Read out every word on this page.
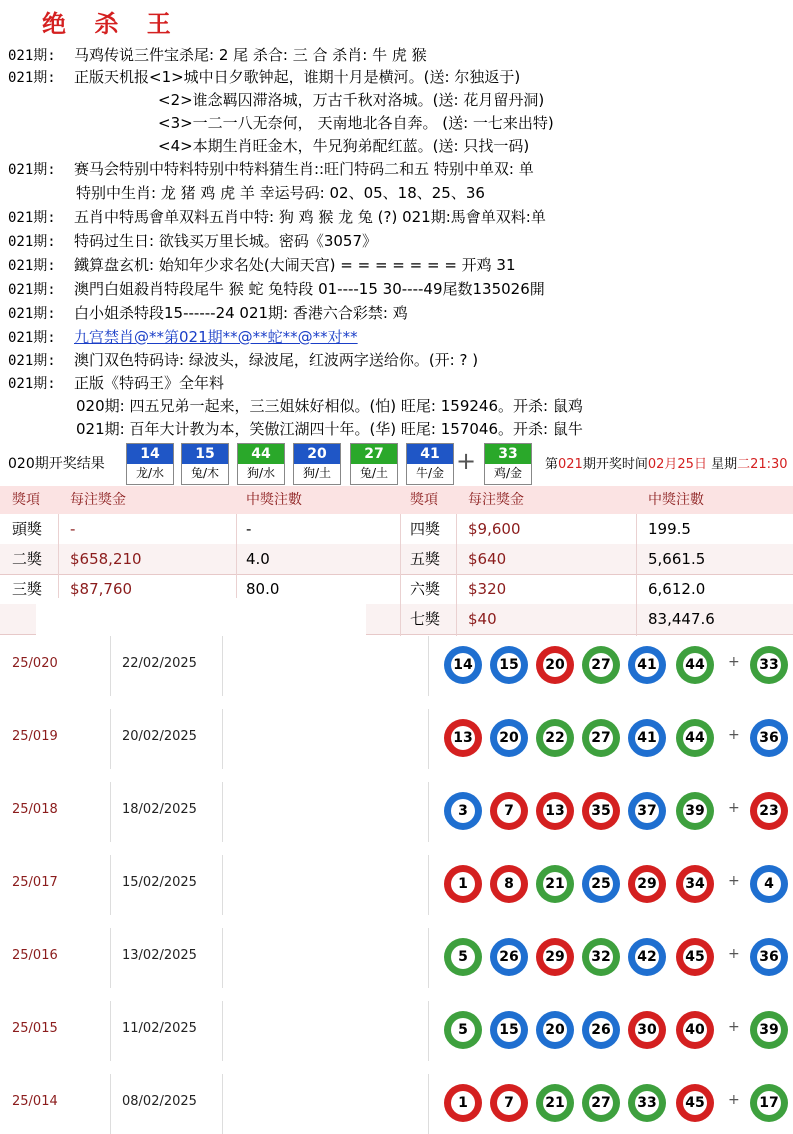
绝 杀 王
021期: 马鸡传说三件宝杀尾: 2 尾 杀合: 三 合 杀肖: 牛 虎 猴
021期: 正版天机报<1>城中日夕歌钟起，谁期十月是横河。(送: 尔独返于)
<2>谁念羁囚滞洛城，万古千秋对洛城。(送: 花月留丹洞)
<3>一二一八无奈何， 天南地北各自奔。 (送: 一七来出特)
<4>本期生肖旺金木，牛兄狗弟配红蓝。(送: 只找一码)
021期: 赛马会特别中特料特别中特料猜生肖::旺门特码二和五 特别中单双: 单
特别中生肖: 龙 猪 鸡 虎 羊 幸运号码: 02、05、18、25、36
021期: 五肖中特馬會单双料五肖中特: 狗 鸡 猴 龙 兔 (?) 021期:馬會单双料:单
021期: 特码过生日: 欲钱买万里长城。密码《3057》
021期: 鐵算盘玄机: 始知年少求名处(大闹天宫) = = = = = = = 开鸡 31
021期: 澳門白姐殺肖特段尾牛 猴 蛇 兔特段 01----15 30----49尾数135026開
021期: 白小姐杀特段15------24 021期: 香港六合彩禁: 鸡
021期: 九宫禁肖@**第021期**@**蛇**@**对**
021期: 澳门双色特码诗: 绿波头，绿波尾，红波两字送给你。(开: ? )
021期: 正版《特码王》全年料
020期: 四五兄弟一起来，三三姐妹好相似。(怕) 旺尾: 159246。开杀: 鼠鸡
021期: 百年大计教为本，笑傲江湖四十年。(华) 旺尾: 157046。开杀: 鼠牛
020期开奖结果
14
龙/水
15
兔/木
44
狗/水
20
狗/土
27
兔/土
41
牛/金 +	33
鸡/金
第021期开奖时间02月25日 星期二21:30
獎項 每注獎金	中獎注數	獎項 每注獎金	中獎注數
頭獎 -	-	四獎 $9,600	199.5
二獎 $658,210	4.0	五獎 $640	5,661.5
三獎 $87,760	80.0	六獎 $320	6,612.0
七獎 $40	83,447.6
25/020	22/02/2025	14 15 20 27 41 44 + 33
25/019	20/02/2025	13 20 22 27 41 44 + 36
25/018	18/02/2025	3	7	13 35 37 39 + 23
25/017	15/02/2025	1	8	21 25 29 34 +	4
25/016	13/02/2025	5	26 29 32 42 45 + 36
25/015	11/02/2025	5	15 20 26 30 40 + 39
25/014	08/02/2025	1	7	21 27 33 45 + 17
